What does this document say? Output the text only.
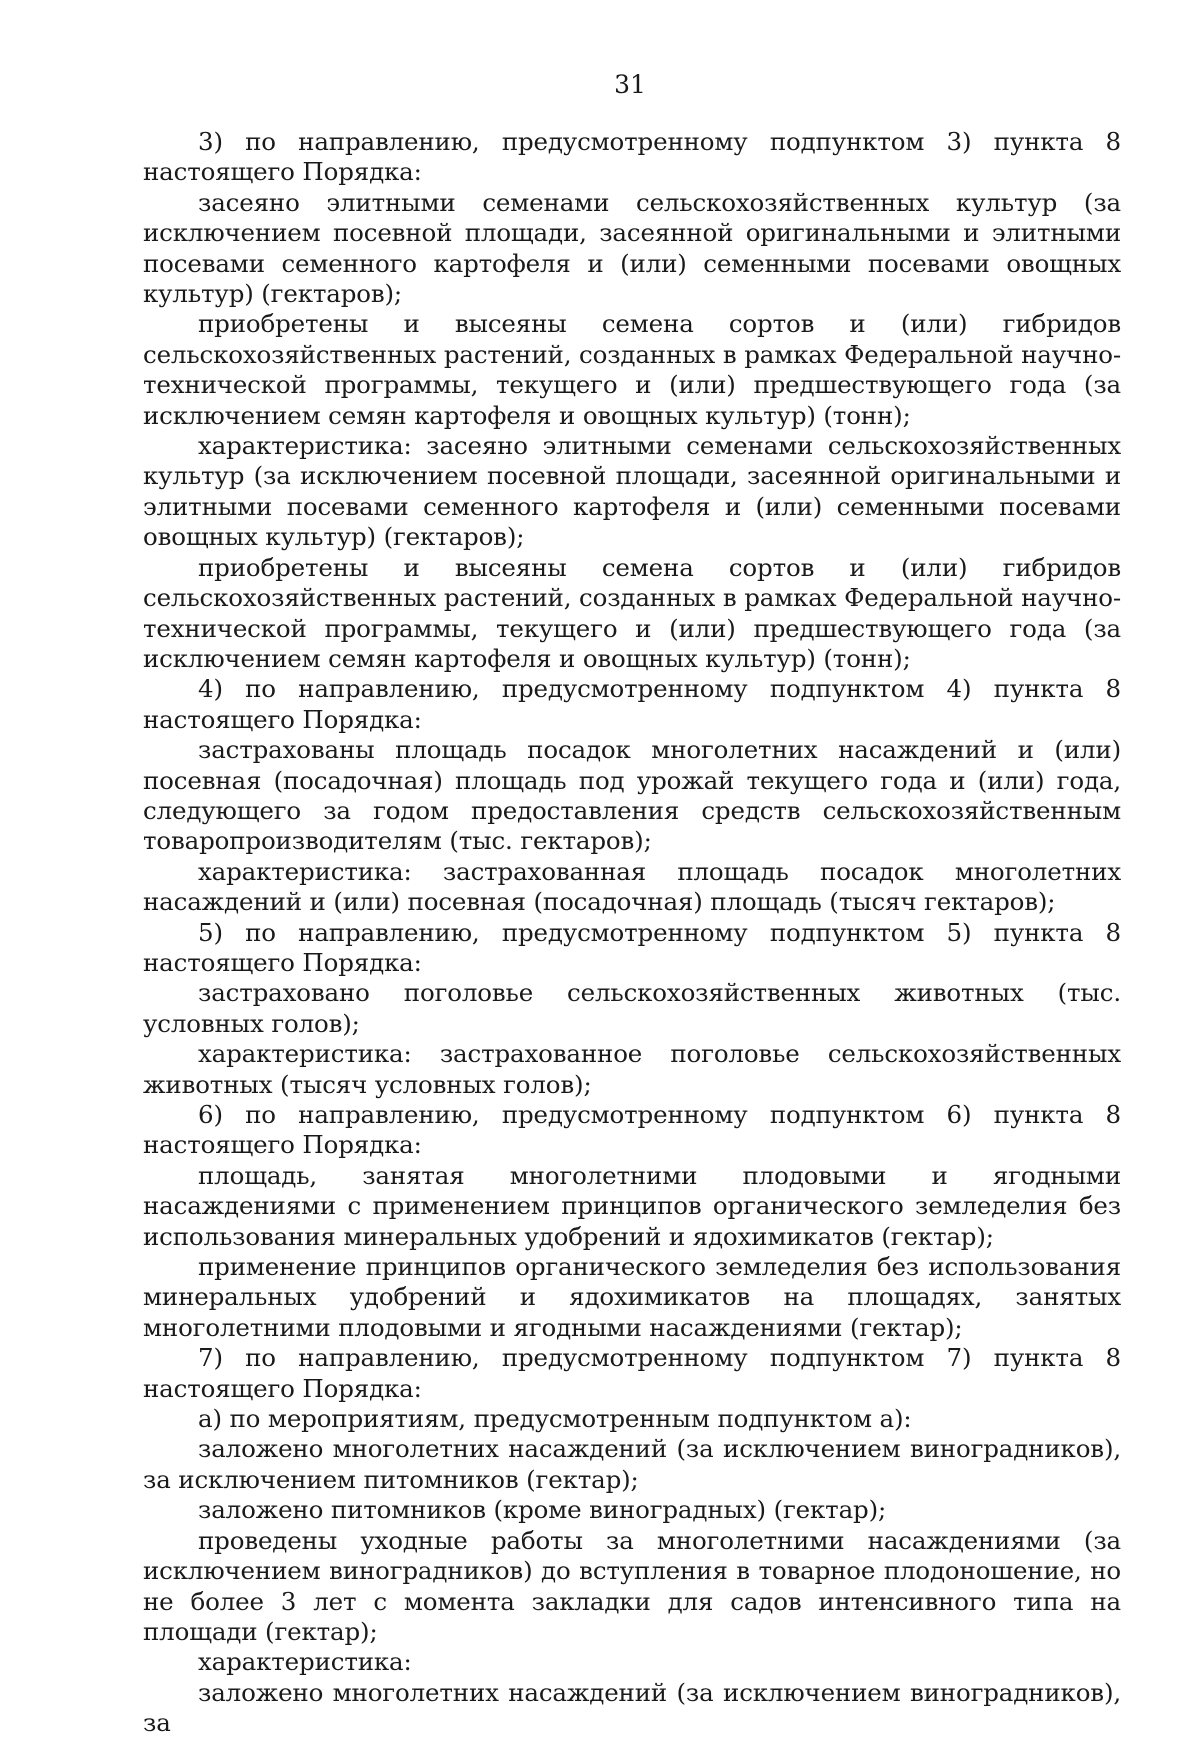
31

3) по направлению, предусмотренному подпунктом 3) пункта 8 настоящего Порядка:

засеяно элитными семенами сельскохозяйственных культур (за исключением посевной площади, засеянной оригинальными и элитными посевами семенного картофеля и (или) семенными посевами овощных культур) (гектаров);

приобретены и высеяны семена сортов и (или) гибридов сельскохозяйственных растений, созданных в рамках Федеральной научно-технической программы, текущего и (или) предшествующего года (за исключением семян картофеля и овощных культур) (тонн);

характеристика: засеяно элитными семенами сельскохозяйственных культур (за исключением посевной площади, засеянной оригинальными и элитными посевами семенного картофеля и (или) семенными посевами овощных культур) (гектаров);

приобретены и высеяны семена сортов и (или) гибридов сельскохозяйственных растений, созданных в рамках Федеральной научно-технической программы, текущего и (или) предшествующего года (за исключением семян картофеля и овощных культур) (тонн);

4) по направлению, предусмотренному подпунктом 4) пункта 8 настоящего Порядка:

застрахованы площадь посадок многолетних насаждений и (или) посевная (посадочная) площадь под урожай текущего года и (или) года, следующего за годом предоставления средств сельскохозяйственным товаропроизводителям (тыс. гектаров);

характеристика: застрахованная площадь посадок многолетних насаждений и (или) посевная (посадочная) площадь (тысяч гектаров);

5) по направлению, предусмотренному подпунктом 5) пункта 8 настоящего Порядка:

застраховано поголовье сельскохозяйственных животных (тыс. условных голов);

характеристика: застрахованное поголовье сельскохозяйственных животных (тысяч условных голов);

6) по направлению, предусмотренному подпунктом 6) пункта 8 настоящего Порядка:

площадь, занятая многолетними плодовыми и ягодными насаждениями с применением принципов органического земледелия без использования минеральных удобрений и ядохимикатов (гектар);

применение принципов органического земледелия без использования минеральных удобрений и ядохимикатов на площадях, занятых многолетними плодовыми и ягодными насаждениями (гектар);

7) по направлению, предусмотренному подпунктом 7) пункта 8 настоящего Порядка:

а) по мероприятиям, предусмотренным подпунктом а):

заложено многолетних насаждений (за исключением виноградников), за исключением питомников (гектар);

заложено питомников (кроме виноградных) (гектар);

проведены уходные работы за многолетними насаждениями (за исключением виноградников) до вступления в товарное плодоношение, но не более 3 лет с момента закладки для садов интенсивного типа на площади (гектар);

характеристика:

заложено многолетних насаждений (за исключением виноградников), за
